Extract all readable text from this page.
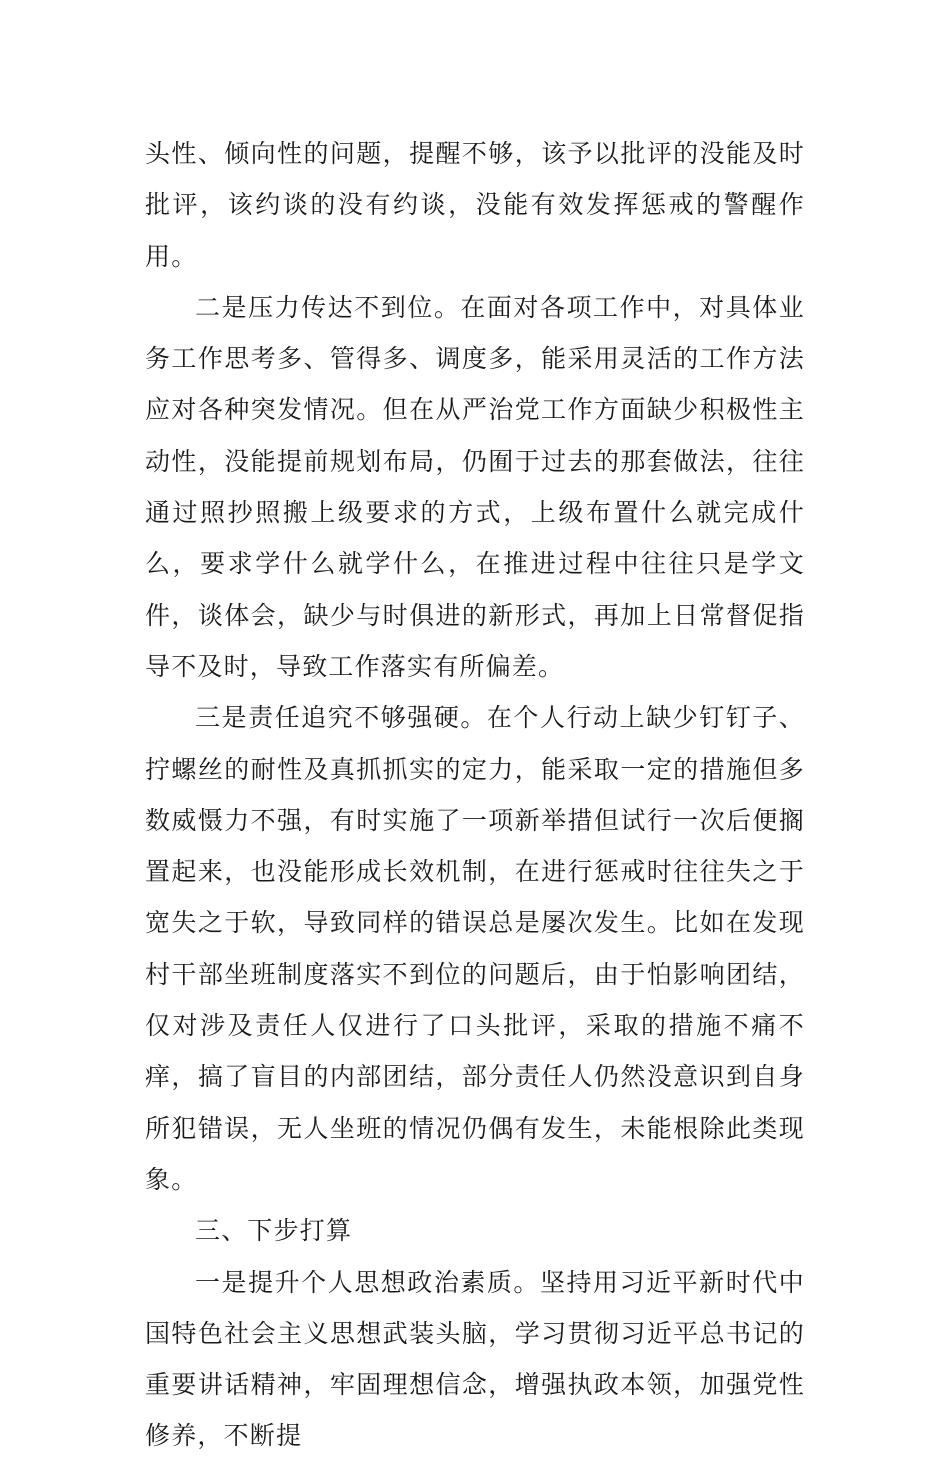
头性、倾向性的问题，提醒不够，该予以批评的没能及时批评，该约谈的没有约谈，没能有效发挥惩戒的警醒作用。

二是压力传达不到位。在面对各项工作中，对具体业务工作思考多、管得多、调度多，能采用灵活的工作方法应对各种突发情况。但在从严治党工作方面缺少积极性主动性，没能提前规划布局，仍囿于过去的那套做法，往往通过照抄照搬上级要求的方式，上级布置什么就完成什么，要求学什么就学什么，在推进过程中往往只是学文件，谈体会，缺少与时俱进的新形式，再加上日常督促指导不及时，导致工作落实有所偏差。

三是责任追究不够强硬。在个人行动上缺少钉钉子、拧螺丝的耐性及真抓抓实的定力，能采取一定的措施但多数威慑力不强，有时实施了一项新举措但试行一次后便搁置起来，也没能形成长效机制，在进行惩戒时往往失之于宽失之于软，导致同样的错误总是屡次发生。比如在发现村干部坐班制度落实不到位的问题后，由于怕影响团结，仅对涉及责任人仅进行了口头批评，采取的措施不痛不痒，搞了盲目的内部团结，部分责任人仍然没意识到自身所犯错误，无人坐班的情况仍偶有发生，未能根除此类现象。

三、下步打算

一是提升个人思想政治素质。坚持用习近平新时代中国特色社会主义思想武装头脑，学习贯彻习近平总书记的重要讲话精神，牢固理想信念，增强执政本领，加强党性修养，不断提
